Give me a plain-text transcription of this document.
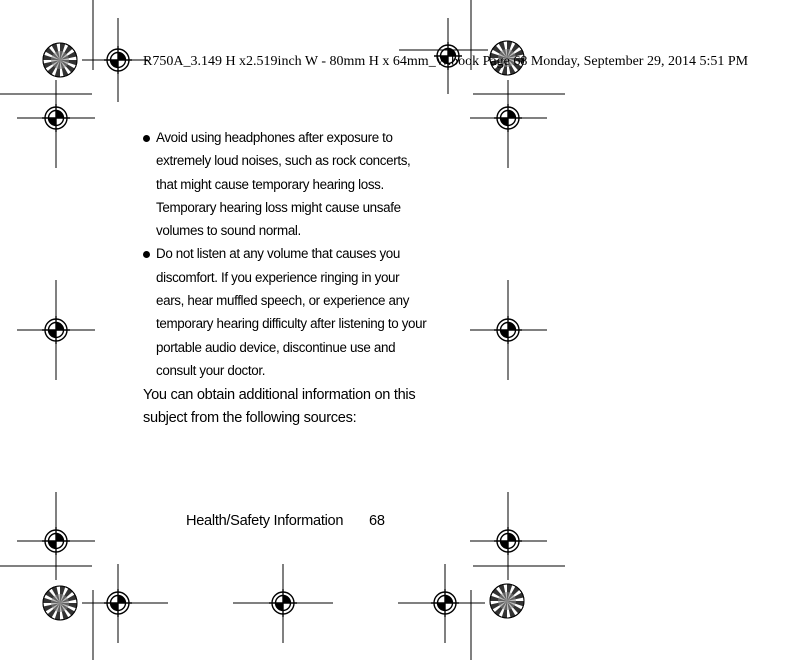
R750A_3.149 H x2.519inch W - 80mm H x 64mm_W.book Page 68 Monday, September 29, 2014 5:51 PM
Avoid using headphones after exposure to extremely loud noises, such as rock concerts, that might cause temporary hearing loss. Temporary hearing loss might cause unsafe volumes to sound normal.
Do not listen at any volume that causes you discomfort. If you experience ringing in your ears, hear muffled speech, or experience any temporary hearing difficulty after listening to your portable audio device, discontinue use and consult your doctor.

You can obtain additional information on this subject from the following sources:

Health/Safety Information 68
